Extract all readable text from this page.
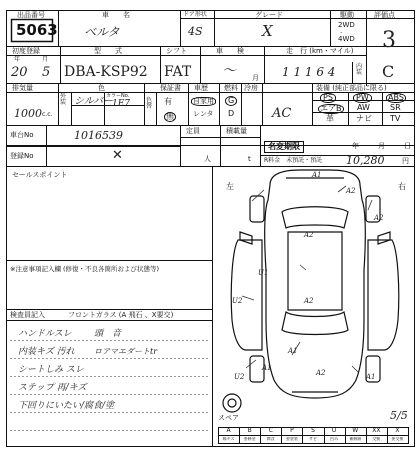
出品番号
5063
車　　名
ベルタ
ドア形状
4S
グレード
X
駆動
2WD
·
4WD
評価点
3
初度登録
年	月
20 5
型　　式
DBA-KSP92
シフト
FAT
車　　検
〜 月
走　行 (km・マイル)
1 1 1 6 4	内装 C
排気量
1000 c.c.
色
外装 シルバー
カラーNo.
1E7	色替
保証書
有
無
車歴
自家用
レンタ
燃料
G
D
冷房
AC
装備 (純正部品に限る)
PS	PW	ABS
エアB AW	SR
革	ナビ TV
車台No	1016539
登録No	✕
定員
人
積載量
t
名変期限	年	月	日
R料金　未預託・預託 10,280	円
セールスポイント
※注意事項記入欄 (修復・不良各箇所および状態等)
検査員記入	フロントガラス (A 飛石 、X要交)
ハンドルスレ 頭　音
内装キズ 汚れ ロアマエダートtr
シートしみ スレ
ステップ 再/キズ
下回りにいたい/腐食/塗
左	右
スペア	5/5
A1
A2
A2
A2
U1
U2
U2
A2
A1
A2	A1
A1
A
線キズ
B
要修金
C
腐食
P
要塗装
S
サビ
U
凹み
W
補修跡
XX
交換
X
要交換
